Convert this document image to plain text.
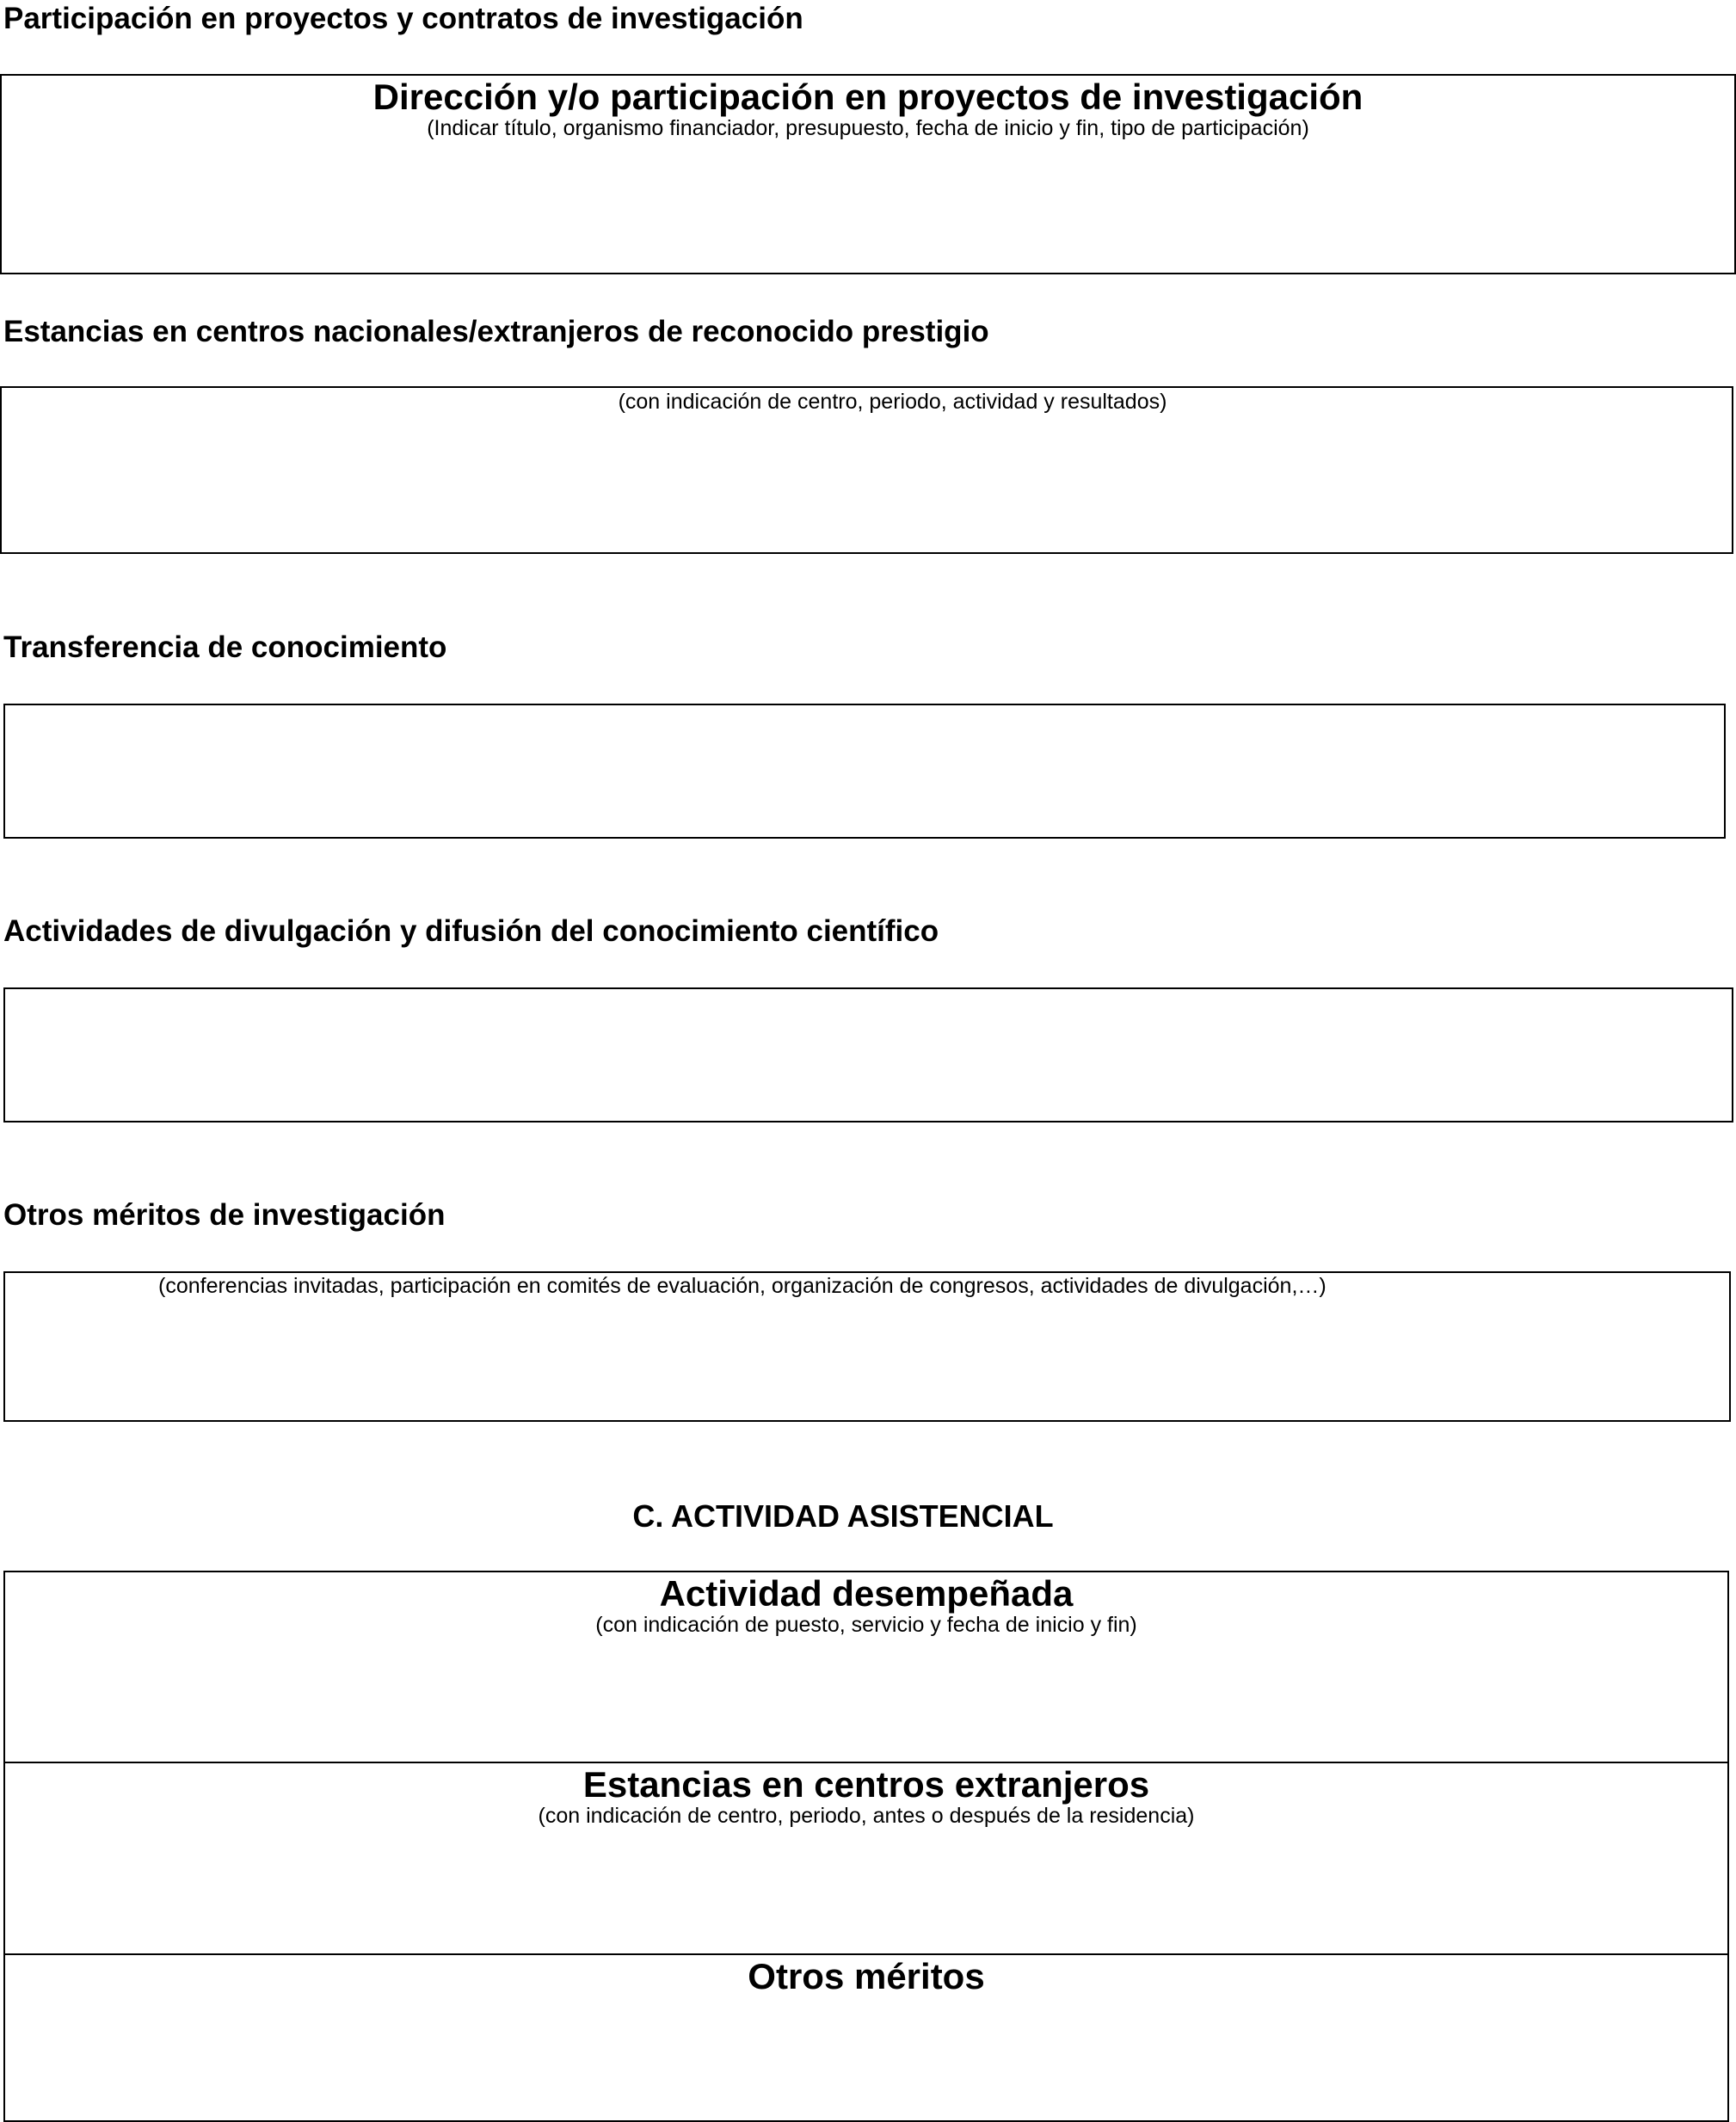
Participación en proyectos y contratos de investigación
Dirección y/o participación en proyectos de investigación
(Indicar título, organismo financiador, presupuesto, fecha de inicio y fin, tipo de participación)
Estancias en centros nacionales/extranjeros de reconocido prestigio
(con indicación de centro, periodo, actividad y resultados)
Transferencia de conocimiento
Actividades de divulgación y difusión del conocimiento científico
Otros méritos de investigación
(conferencias invitadas, participación en comités de evaluación, organización de congresos, actividades de divulgación,…)
C. ACTIVIDAD ASISTENCIAL
Actividad desempeñada
(con indicación de puesto, servicio y fecha de inicio y fin)
Estancias en centros extranjeros
(con indicación de centro, periodo, antes o después de la residencia)
Otros méritos
